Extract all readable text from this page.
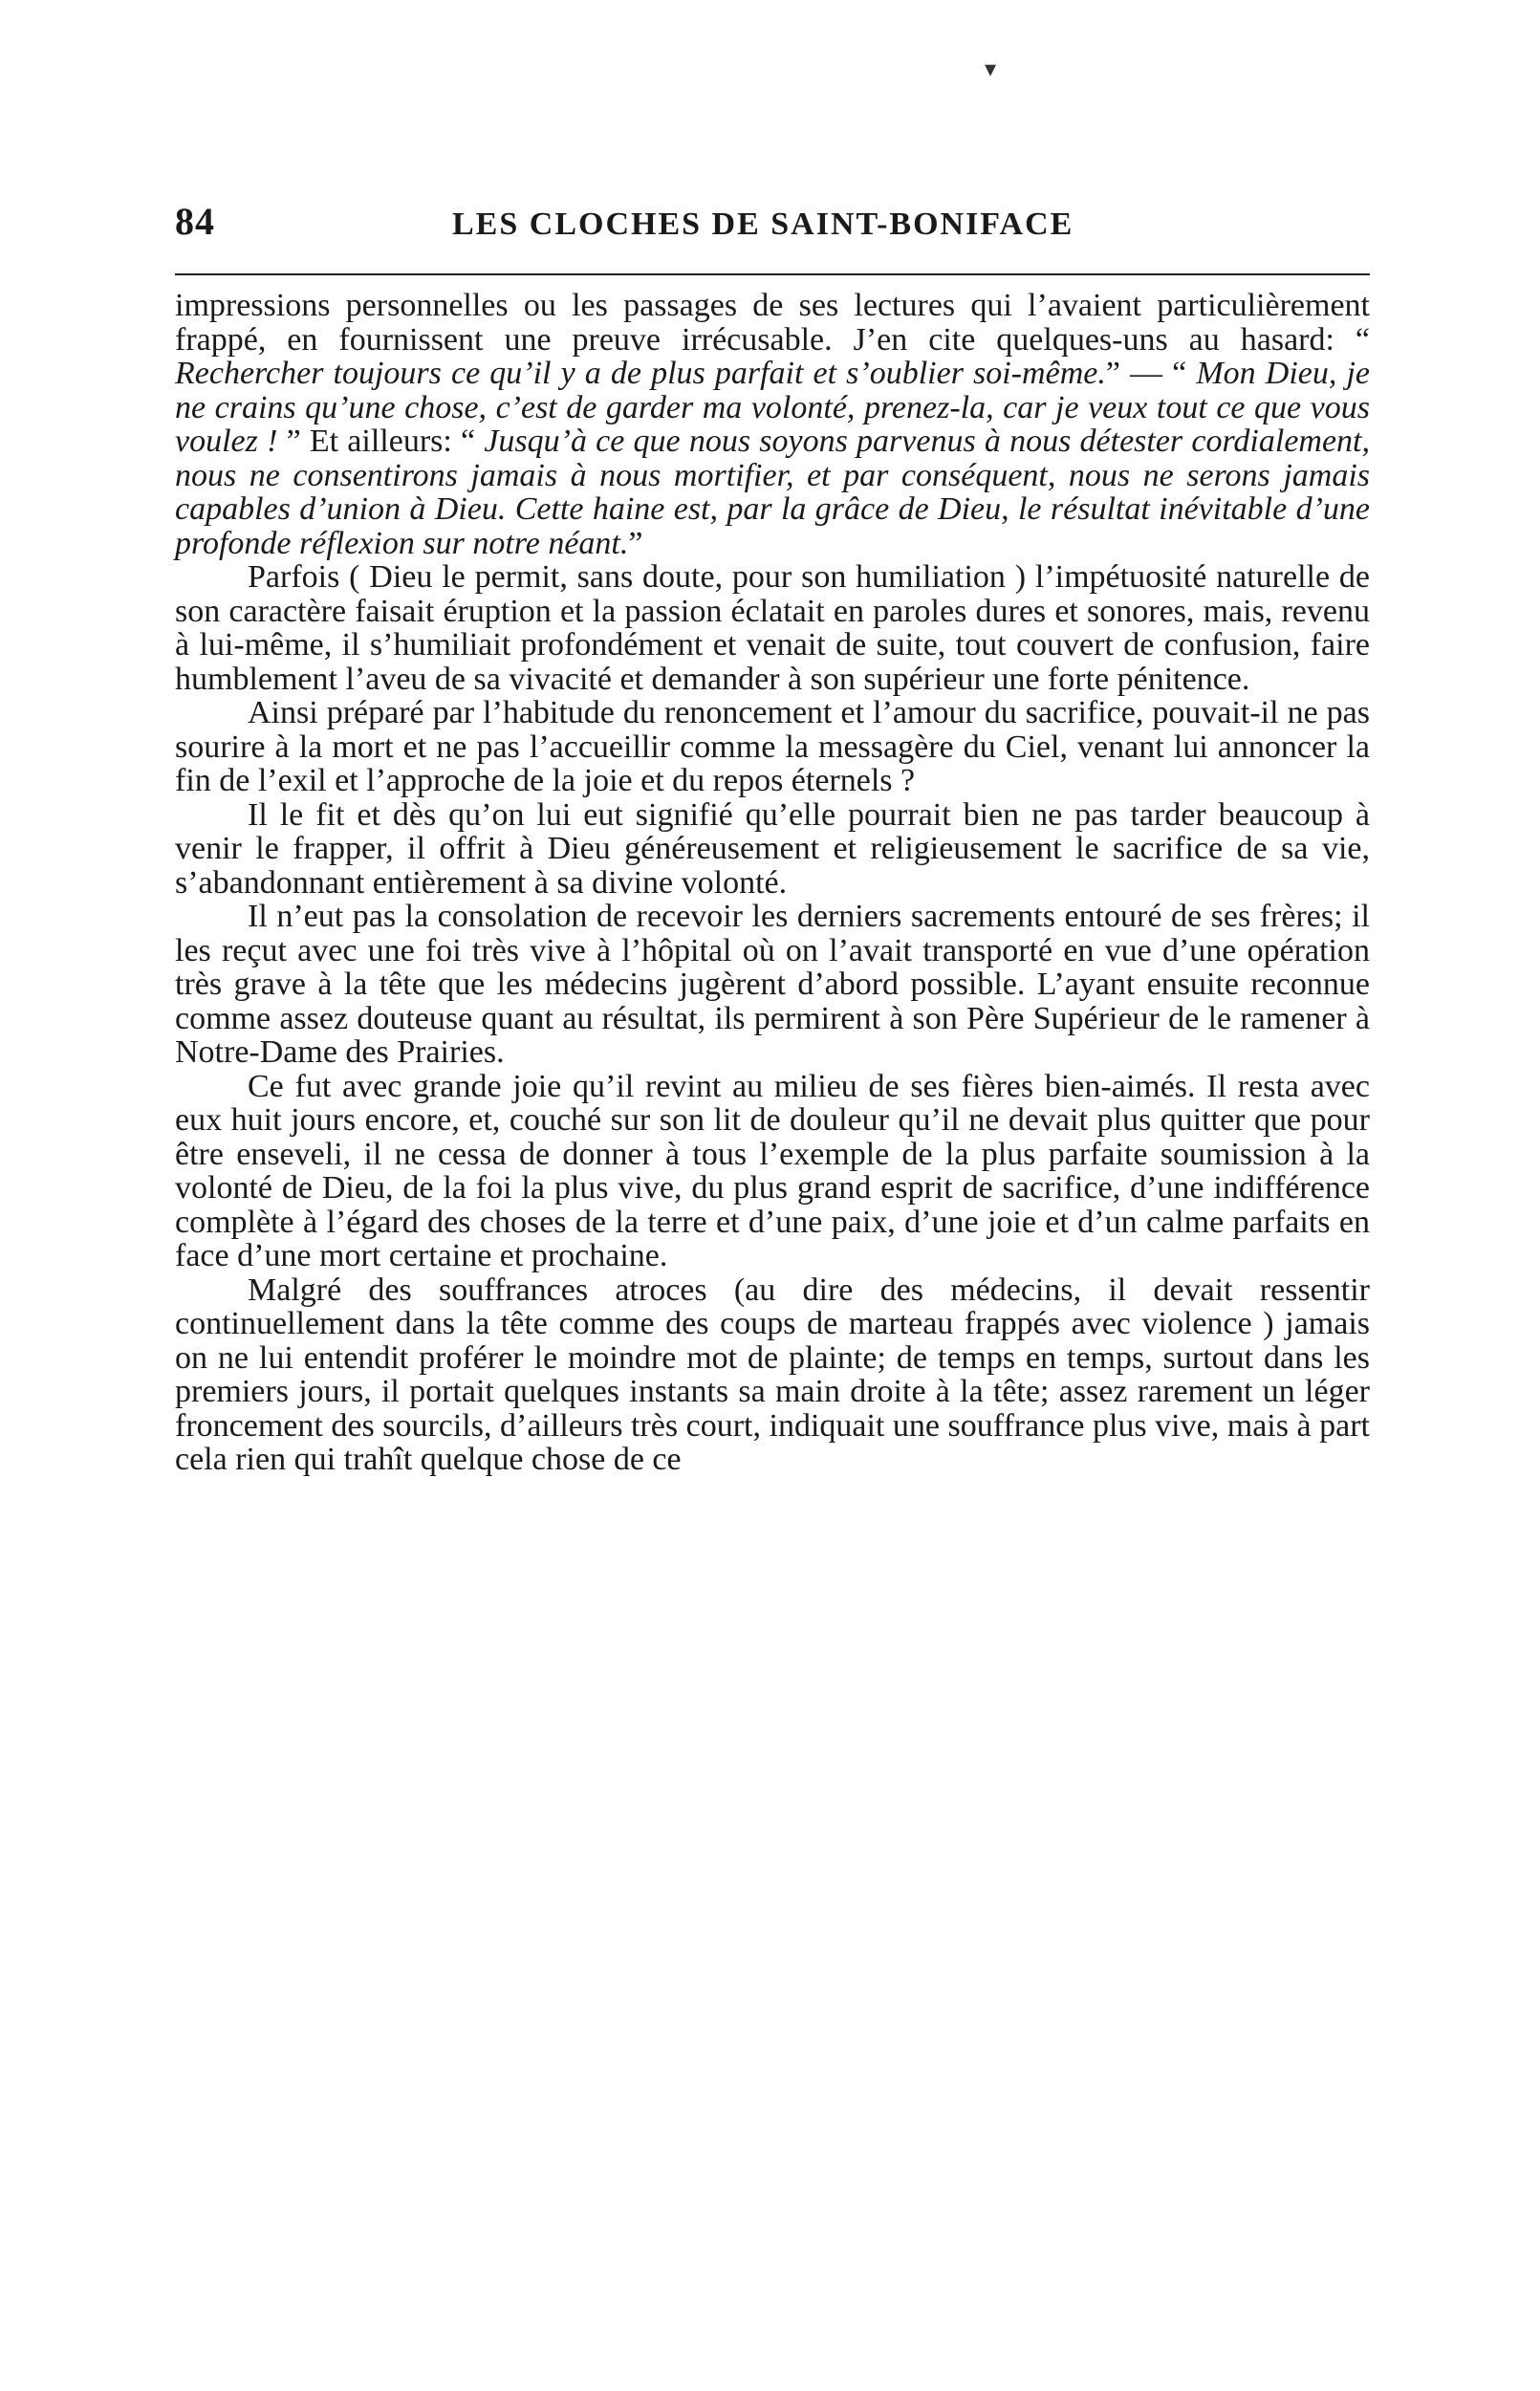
▾
84	LES CLOCHES DE SAINT-BONIFACE

impressions personnelles ou les passages de ses lectures qui l’avaient particulièrement frappé, en fournissent une preuve irrécusable. J’en cite quelques-uns au hasard: “ Rechercher toujours ce qu’il y a de plus parfait et s’oublier soi-même.” — “ Mon Dieu, je ne crains qu’une chose, c’est de garder ma volonté, prenez-la, car je veux tout ce que vous voulez ! ” Et ailleurs: “ Jusqu’à ce que nous soyons parvenus à nous détester cordialement, nous ne consentirons jamais à nous mortifier, et par conséquent, nous ne serons jamais capables d’union à Dieu. Cette haine est, par la grâce de Dieu, le résultat inévitable d’une profonde réflexion sur notre néant.”

Parfois ( Dieu le permit, sans doute, pour son humiliation ) l’impétuosité naturelle de son caractère faisait éruption et la passion éclatait en paroles dures et sonores, mais, revenu à lui-même, il s’humiliait profondément et venait de suite, tout couvert de confusion, faire humblement l’aveu de sa vivacité et demander à son supérieur une forte pénitence.

Ainsi préparé par l’habitude du renoncement et l’amour du sacrifice, pouvait-il ne pas sourire à la mort et ne pas l’accueillir comme la messagère du Ciel, venant lui annoncer la fin de l’exil et l’approche de la joie et du repos éternels ?

Il le fit et dès qu’on lui eut signifié qu’elle pourrait bien ne pas tarder beaucoup à venir le frapper, il offrit à Dieu généreusement et religieusement le sacrifice de sa vie, s’abandonnant entièrement à sa divine volonté.

Il n’eut pas la consolation de recevoir les derniers sacrements entouré de ses frères; il les reçut avec une foi très vive à l’hôpital où on l’avait transporté en vue d’une opération très grave à la tête que les médecins jugèrent d’abord possible. L’ayant ensuite reconnue comme assez douteuse quant au résultat, ils permirent à son Père Supérieur de le ramener à Notre-Dame des Prairies.

Ce fut avec grande joie qu’il revint au milieu de ses fières bien-aimés. Il resta avec eux huit jours encore, et, couché sur son lit de douleur qu’il ne devait plus quitter que pour être enseveli, il ne cessa de donner à tous l’exemple de la plus parfaite soumission à la volonté de Dieu, de la foi la plus vive, du plus grand esprit de sacrifice, d’une indifférence complète à l’égard des choses de la terre et d’une paix, d’une joie et d’un calme parfaits en face d’une mort certaine et prochaine.

Malgré des souffrances atroces (au dire des médecins, il devait ressentir continuellement dans la tête comme des coups de marteau frappés avec violence ) jamais on ne lui entendit proférer le moindre mot de plainte; de temps en temps, surtout dans les premiers jours, il portait quelques instants sa main droite à la tête; assez rarement un léger froncement des sourcils, d’ailleurs très court, indiquait une souffrance plus vive, mais à part cela rien qui trahît quelque chose de ce
